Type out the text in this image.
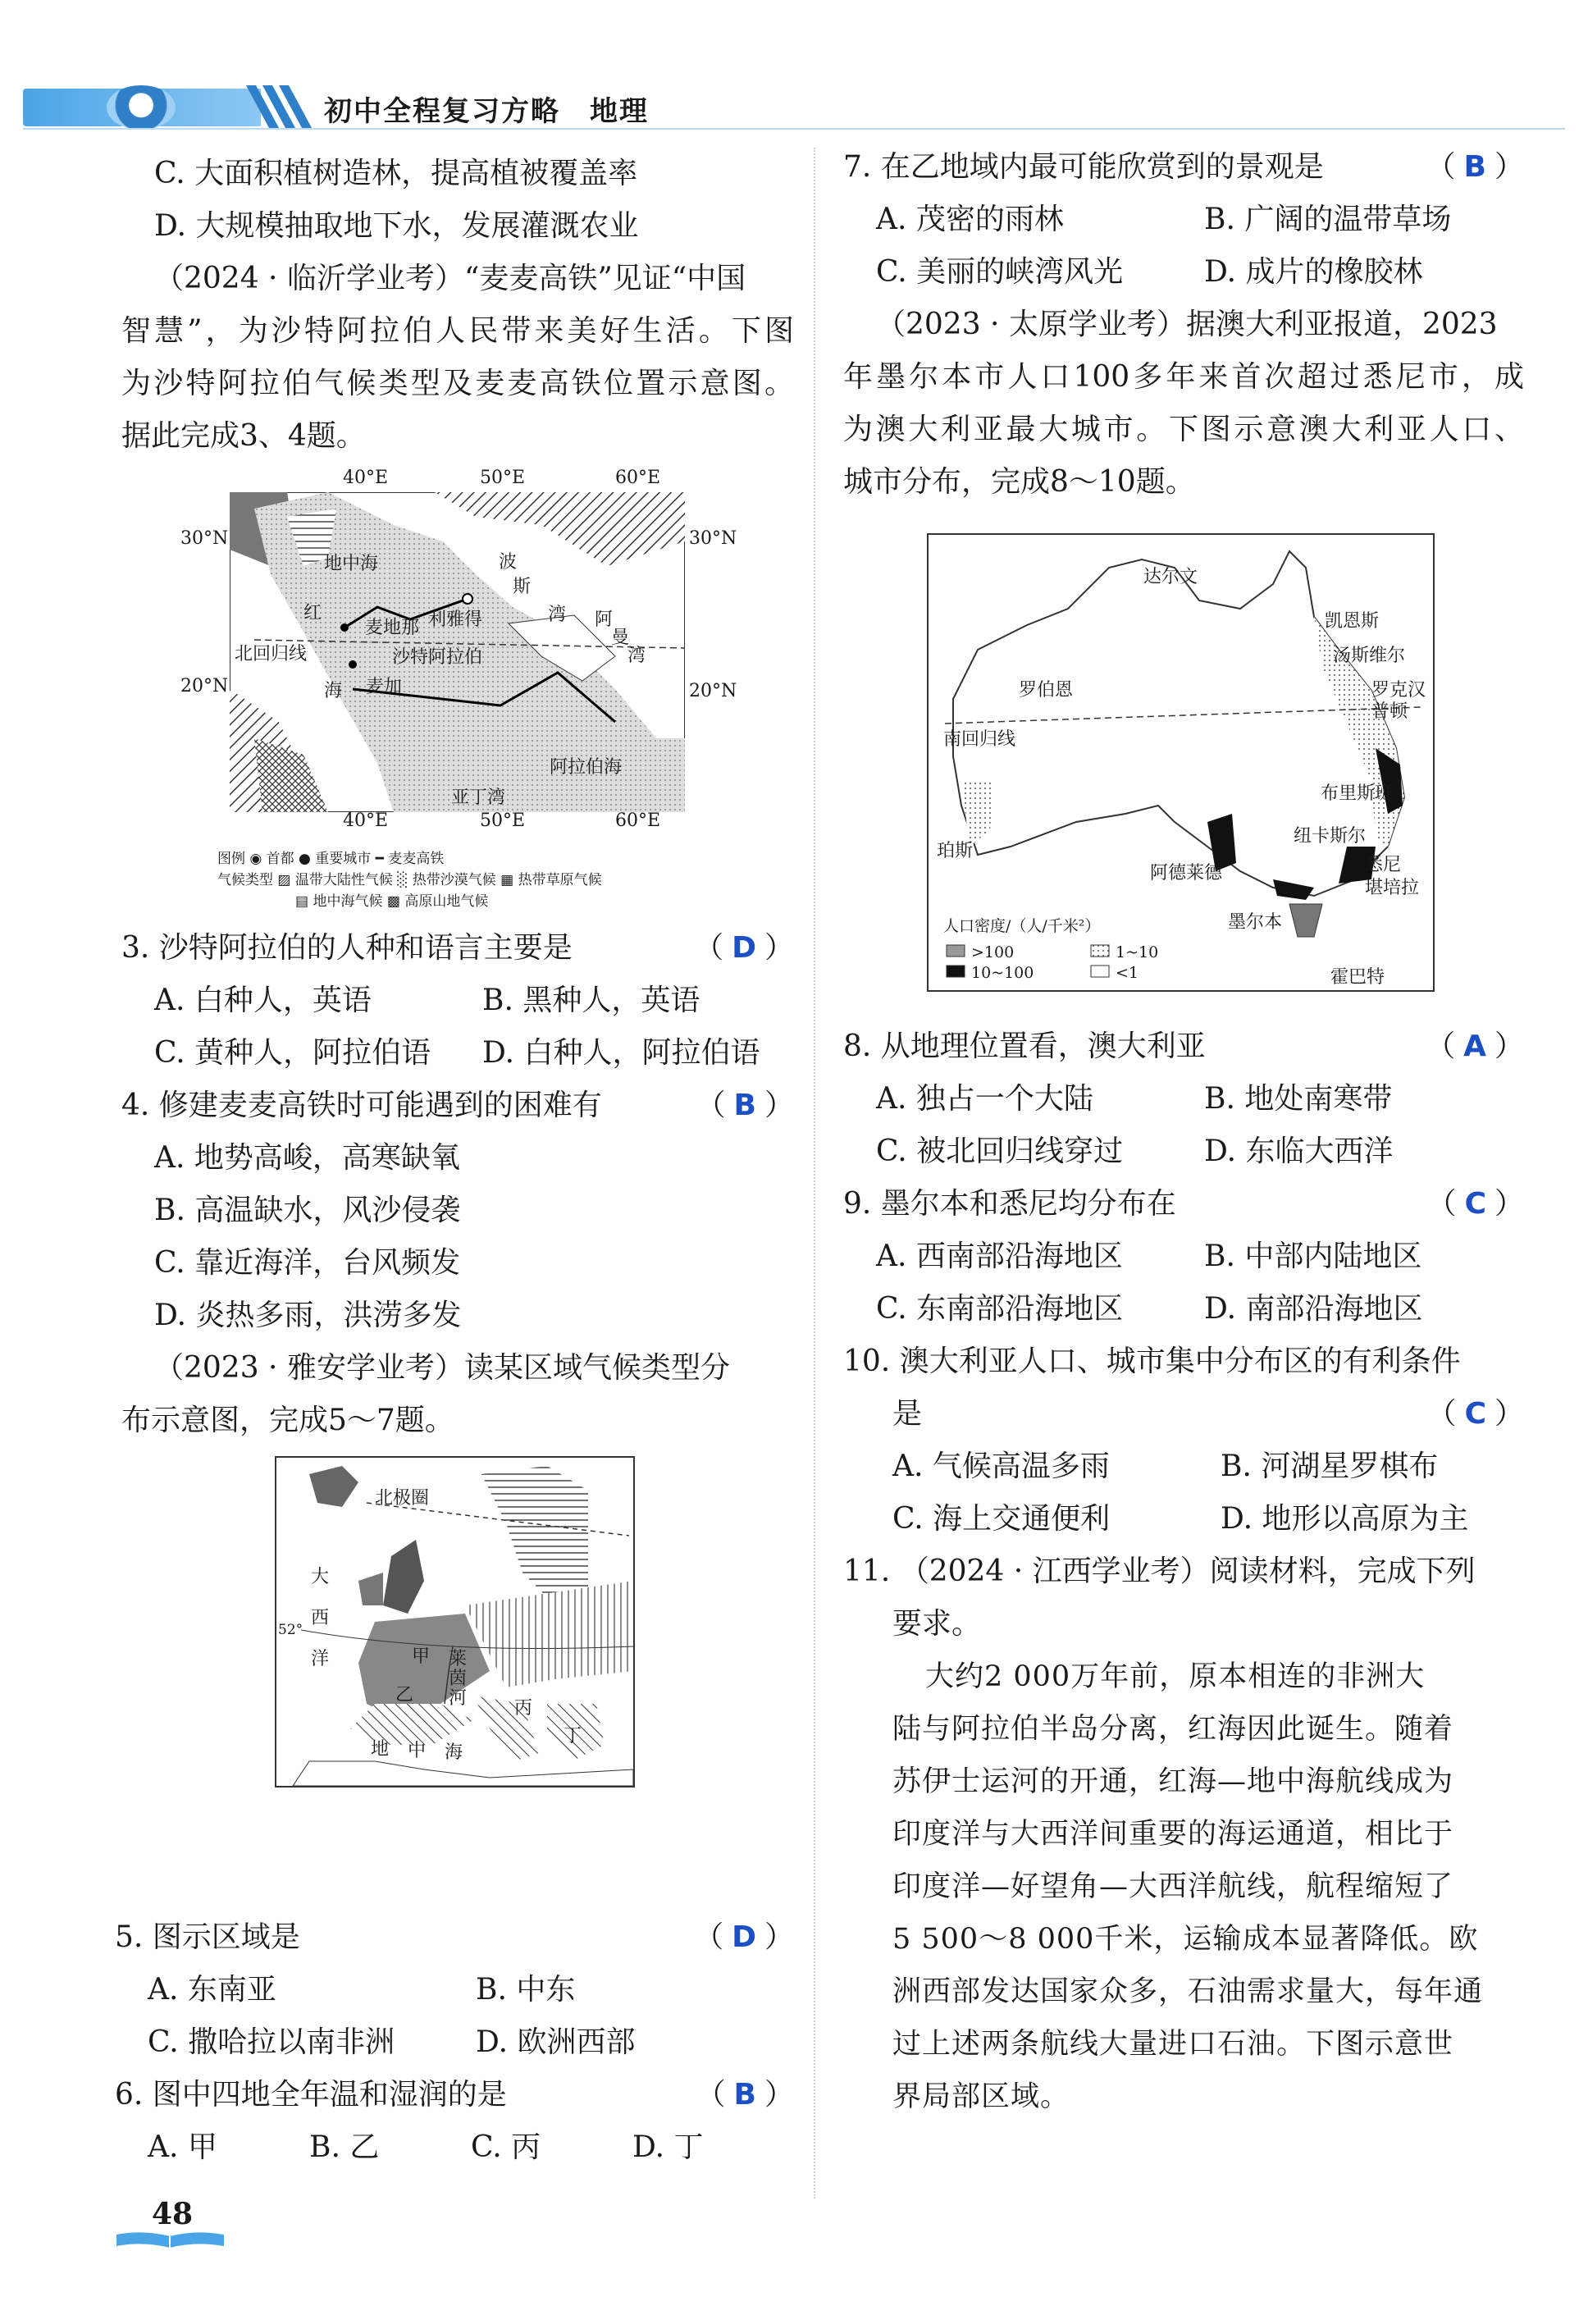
初中全程复习方略　地理
C. 大面积植树造林，提高植被覆盖率
D. 大规模抽取地下水，发展灌溉农业
（2024 · 临沂学业考）“麦麦高铁”见证“中国
智慧”，为沙特阿拉伯人民带来美好生活。下图
为沙特阿拉伯气候类型及麦麦高铁位置示意图。
据此完成3、4题。
40°E	50°E	60°E
30°N	30°N
20°N	20°N
地中海	波
斯
湾 阿
曼
湾
红
海
麦地那 利雅得
沙特阿拉伯
麦加
北回归线
阿拉伯海
亚丁湾
40°E	50°E	60°E
图例 ◉ 首都 ● 重要城市 ━ 麦麦高铁
气候类型 ▨ 温带大陆性气候 ░ 热带沙漠气候 ▦ 热带草原气候
▤ 地中海气候 ▩ 高原山地气候
3. 沙特阿拉伯的人种和语言主要是	（ D ）
A. 白种人，英语	B. 黑种人，英语
C. 黄种人，阿拉伯语	D. 白种人，阿拉伯语
4. 修建麦麦高铁时可能遇到的困难有	（ B ）
A. 地势高峻，高寒缺氧
B. 高温缺水，风沙侵袭
C. 靠近海洋，台风频发
D. 炎热多雨，洪涝多发
（2023 · 雅安学业考）读某区域气候类型分
布示意图，完成5～7题。
北极圈
大
西
洋
52°
甲 莱
茵
河
乙
丙
丁
地 中 海
5. 图示区域是	（ D ）
A. 东南亚	B. 中东
C. 撒哈拉以南非洲	D. 欧洲西部
6. 图中四地全年温和湿润的是	（ B ）
A. 甲	B. 乙	C. 丙	D. 丁
7. 在乙地域内最可能欣赏到的景观是	（ B ）
A. 茂密的雨林	B. 广阔的温带草场
C. 美丽的峡湾风光	D. 成片的橡胶林
（2023 · 太原学业考）据澳大利亚报道，2023
年墨尔本市人口100多年来首次超过悉尼市，成
为澳大利亚最大城市。下图示意澳大利亚人口、
城市分布，完成8～10题。
达尔文
凯恩斯
汤斯维尔
罗克汉
普顿
罗伯恩
南回归线
布里斯班
纽卡斯尔
悉尼
堪培拉
珀斯
阿德莱德
墨尔本
霍巴特
人口密度/（人/千米²）
>100	1~10
10~100	<1
8. 从地理位置看，澳大利亚	（ A ）
A. 独占一个大陆	B. 地处南寒带
C. 被北回归线穿过	D. 东临大西洋
9. 墨尔本和悉尼均分布在	（ C ）
A. 西南部沿海地区	B. 中部内陆地区
C. 东南部沿海地区	D. 南部沿海地区
10. 澳大利亚人口、城市集中分布区的有利条件
是	（ C ）
A. 气候高温多雨	B. 河湖星罗棋布
C. 海上交通便利	D. 地形以高原为主
11. （2024 · 江西学业考）阅读材料，完成下列
要求。
大约2 000万年前，原本相连的非洲大
陆与阿拉伯半岛分离，红海因此诞生。随着
苏伊士运河的开通，红海—地中海航线成为
印度洋与大西洋间重要的海运通道，相比于
印度洋—好望角—大西洋航线，航程缩短了
5 500～8 000千米，运输成本显著降低。欧
洲西部发达国家众多，石油需求量大，每年通
过上述两条航线大量进口石油。下图示意世
界局部区域。
48
